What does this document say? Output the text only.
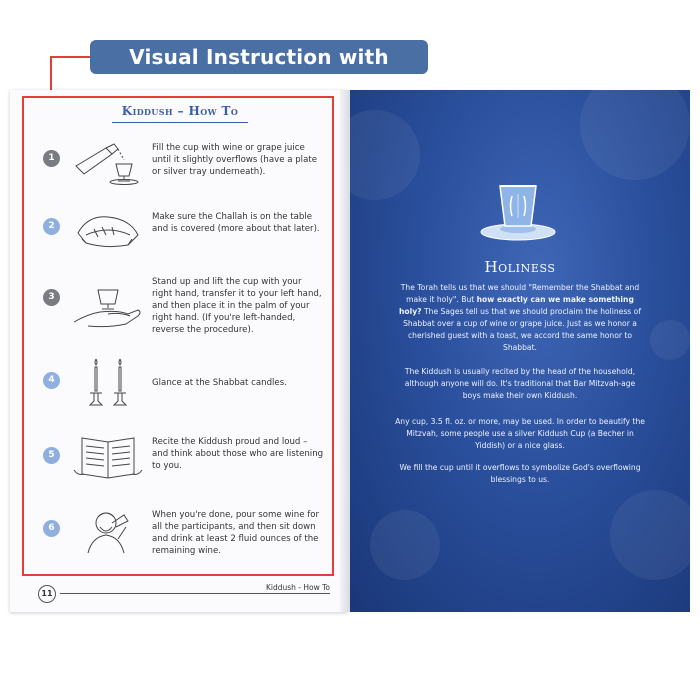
Visual Instruction with
Kiddush – How To
1
Fill the cup with wine or grape juice until it slightly overflows (have a plate or silver tray underneath).
2
Make sure the Challah is on the table and is covered (more about that later).
3
Stand up and lift the cup with your right hand, transfer it to your left hand, and then place it in the palm of your right hand. (If you're left-handed, reverse the procedure).
4	Glance at the Shabbat candles.
5
Recite the Kiddush proud and loud – and think about those who are listening to you.
6
When you're done, pour some wine for all the participants, and then sit down and drink at least 2 fluid ounces of the remaining wine.
11
Kiddush - How To
Holiness
The Torah tells us that we should "Remember the Shabbat and make it holy". But how exactly can we make something holy? The Sages tell us that we should proclaim the holiness of Shabbat over a cup of wine or grape juice. Just as we honor a cherished guest with a toast, we accord the same honor to Shabbat.
The Kiddush is usually recited by the head of the household, although anyone will do. It's traditional that Bar Mitzvah-age boys make their own Kiddush.
Any cup, 3.5 fl. oz. or more, may be used. In order to beautify the Mitzvah, some people use a silver Kiddush Cup (a Becher in Yiddish) or a nice glass.
We fill the cup until it overflows to symbolize God's overflowing blessings to us.
